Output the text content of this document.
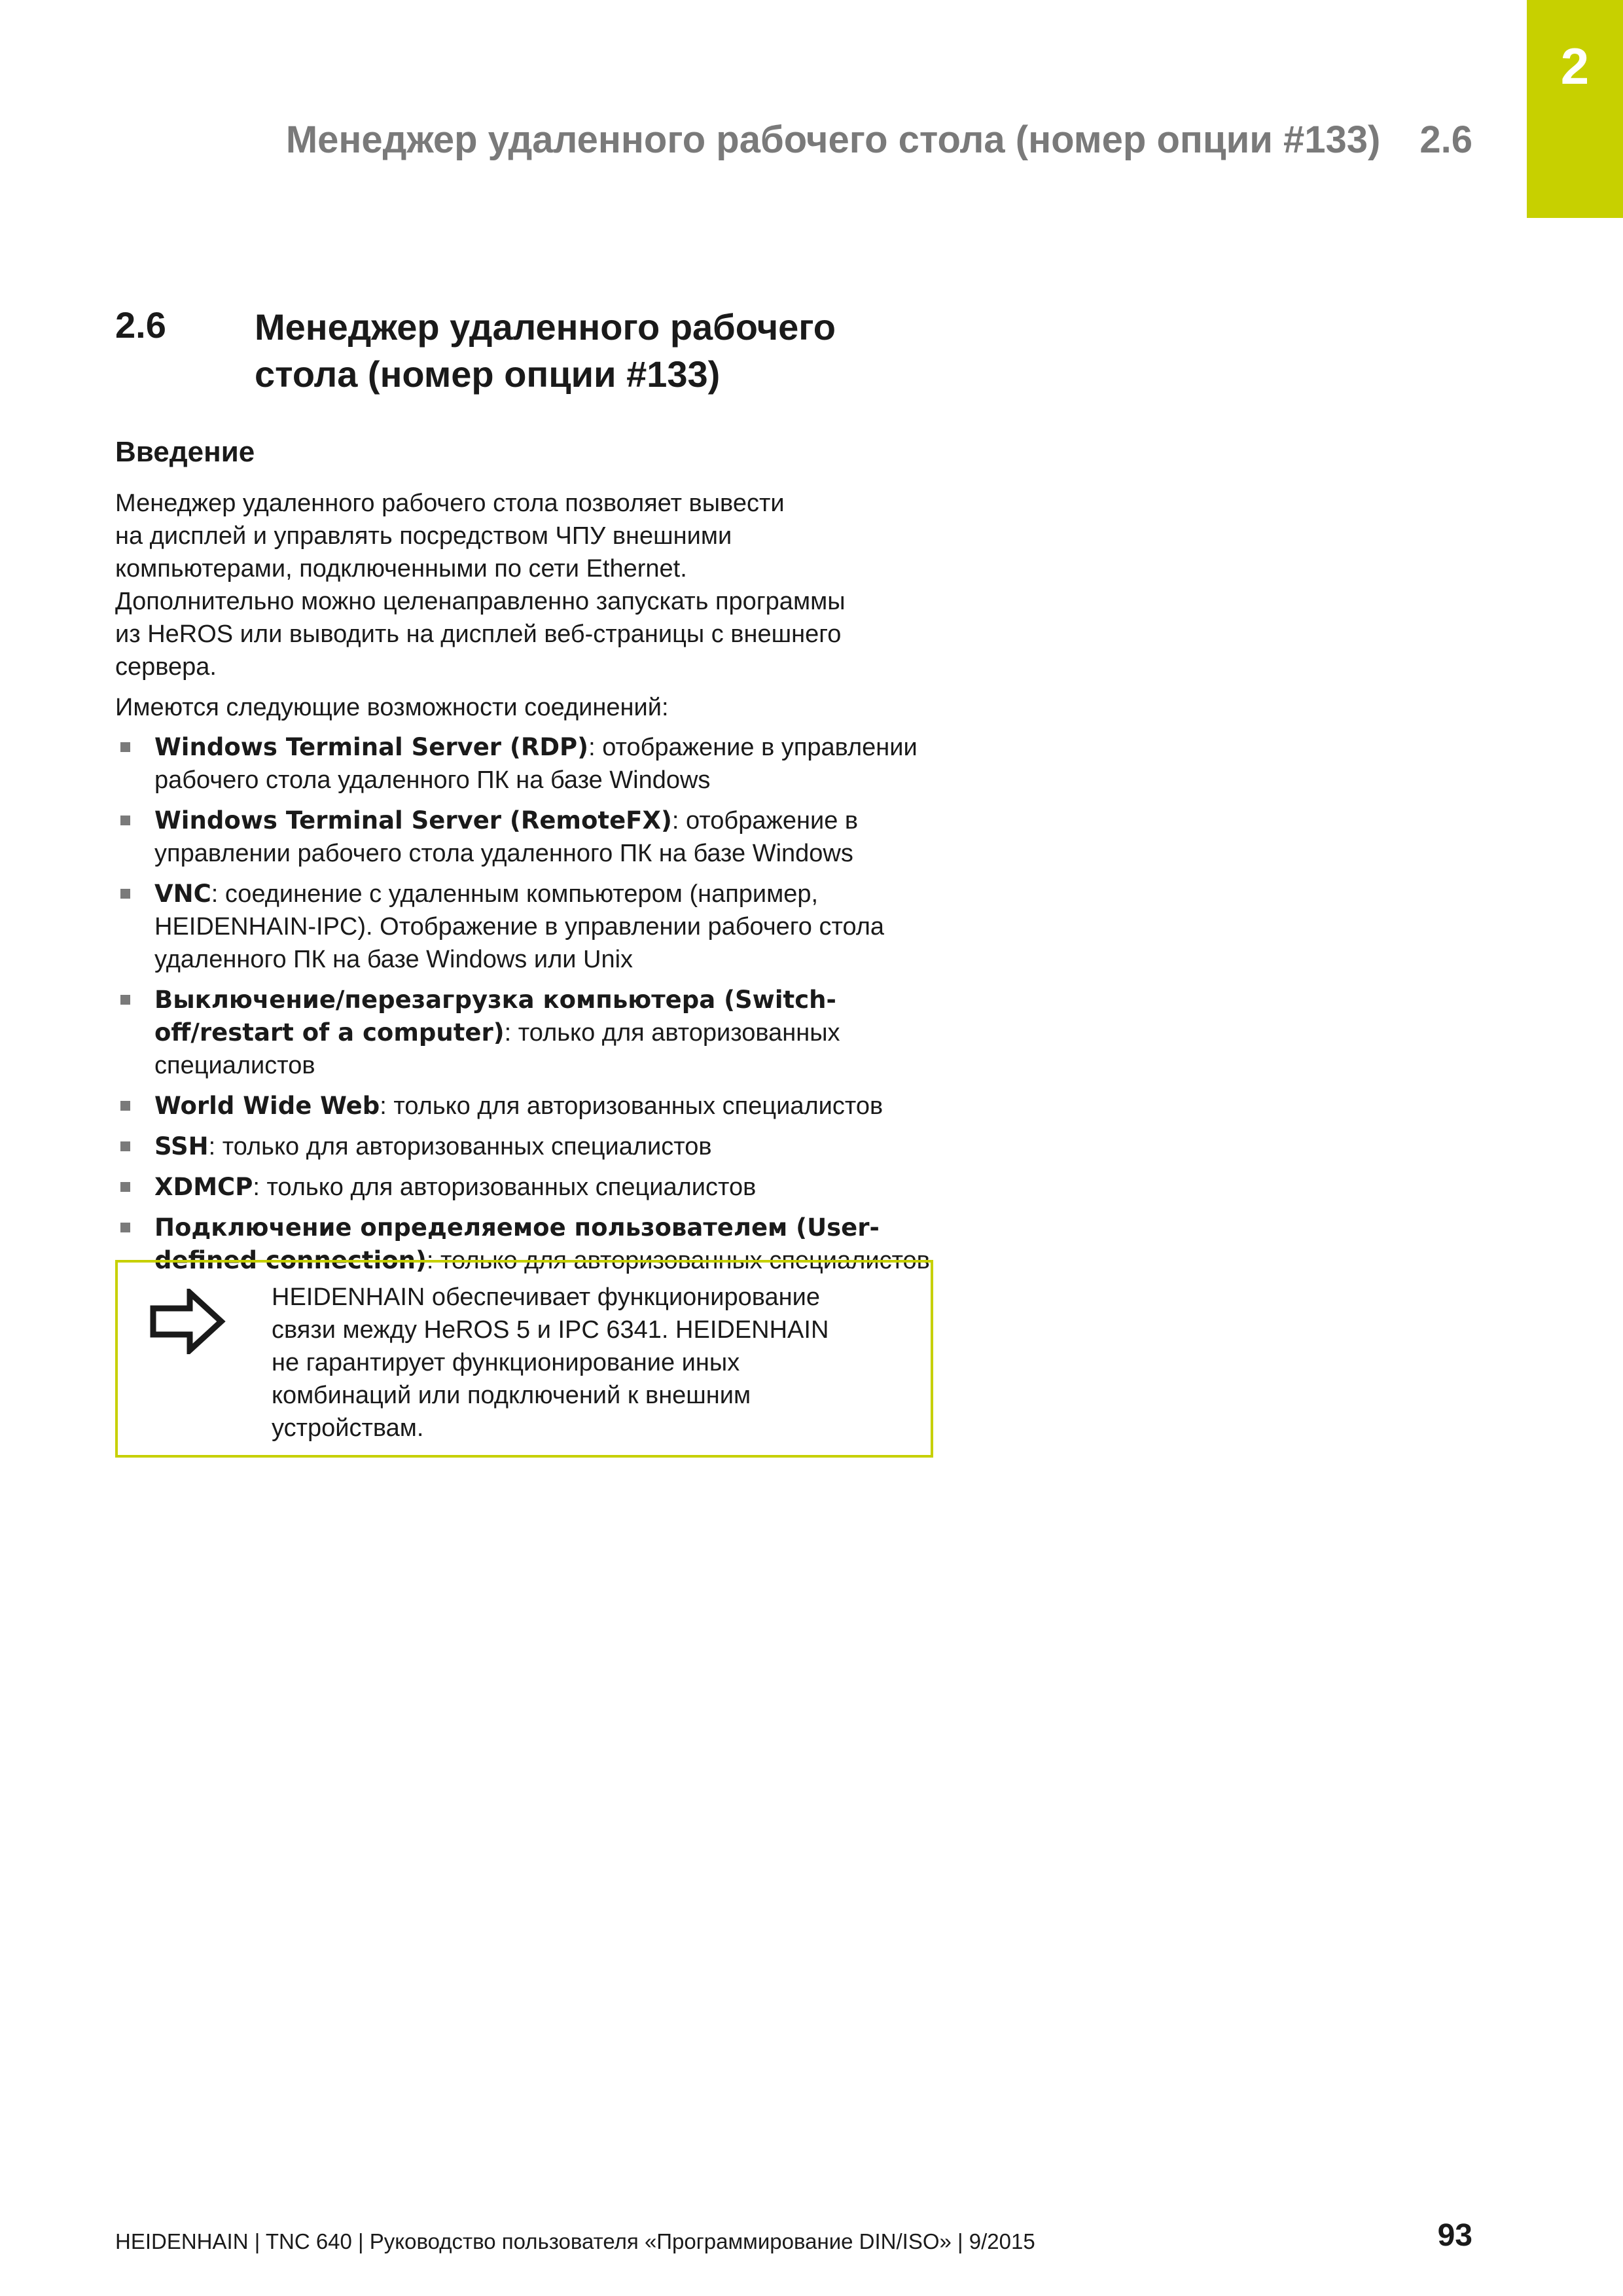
2
Менеджер удаленного рабочего стола (номер опции #133) 2.6
2.6 Менеджер удаленного рабочего
стола (номер опции #133)
Введение
Менеджер удаленного рабочего стола позволяет вывести
на дисплей и управлять посредством ЧПУ внешними
компьютерами, подключенными по сети Ethernet.
Дополнительно можно целенаправленно запускать программы
из HeROS или выводить на дисплей веб-страницы с внешнего
сервера.
Имеются следующие возможности соединений:
Windows Terminal Server (RDP): отображение в управлении рабочего стола удаленного ПК на базе Windows
Windows Terminal Server (RemoteFX): отображение в управлении рабочего стола удаленного ПК на базе Windows
VNC: соединение с удаленным компьютером (например, HEIDENHAIN-IPC). Отображение в управлении рабочего стола удаленного ПК на базе Windows или Unix
Выключение/перезагрузка компьютера (Switch-off/restart of a computer): только для авторизованных специалистов
World Wide Web: только для авторизованных специалистов
SSH: только для авторизованных специалистов
XDMCP: только для авторизованных специалистов
Подключение определяемое пользователем (User-defined connection): только для авторизованных специалистов
HEIDENHAIN обеспечивает функционирование
связи между HeROS 5 и IPC 6341. HEIDENHAIN
не гарантирует функционирование иных
комбинаций или подключений к внешним
устройствам.
HEIDENHAIN | TNC 640 | Руководство пользователя «Программирование DIN/ISO» | 9/2015	93
